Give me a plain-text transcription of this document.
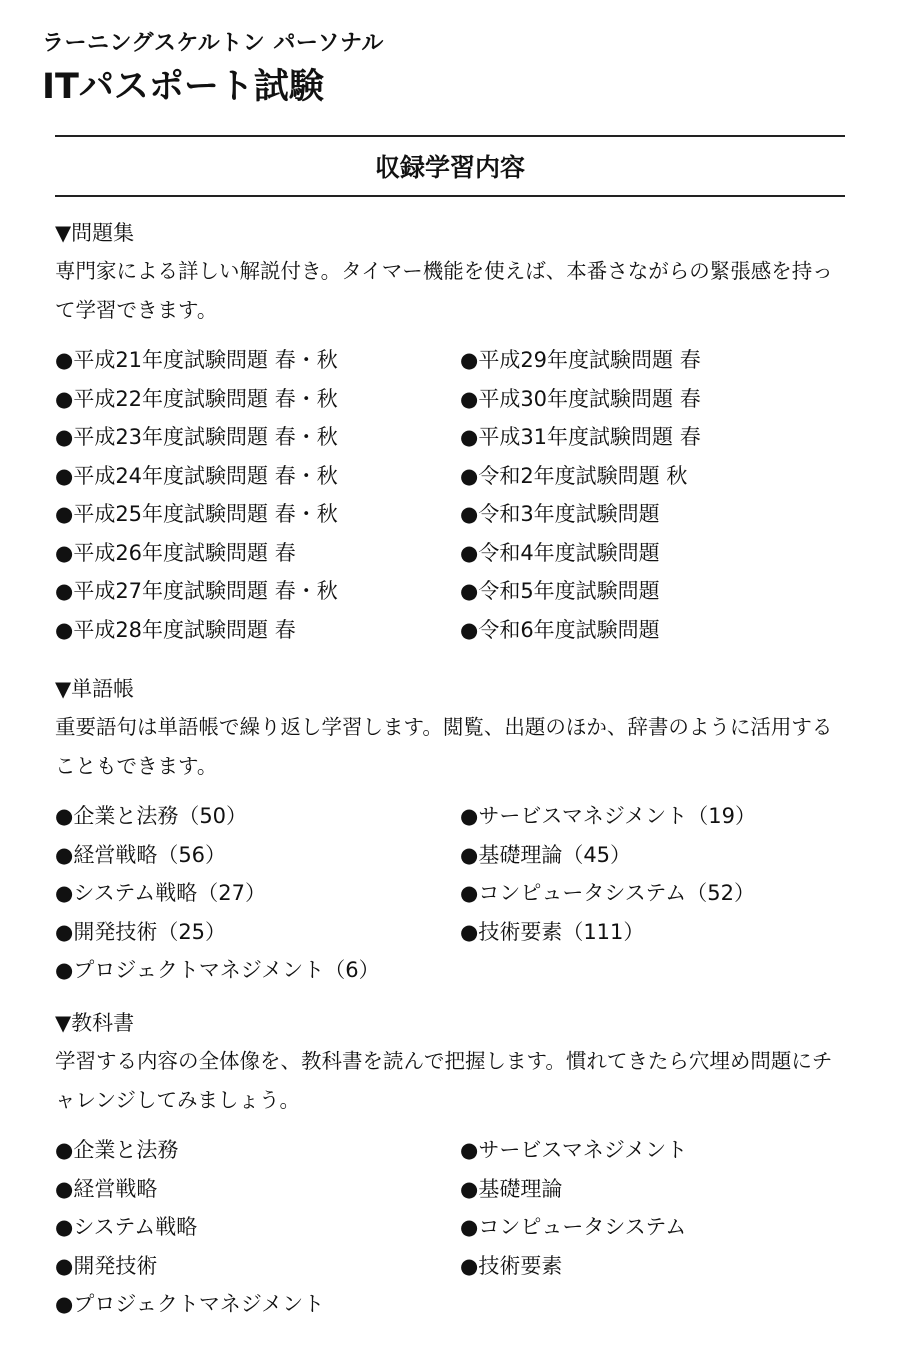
ラーニングスケルトン パーソナル
ITパスポート試験
収録学習内容
▼問題集
専門家による詳しい解説付き。タイマー機能を使えば、本番さながらの緊張感を持って学習できます。
●平成21年度試験問題 春・秋	●平成29年度試験問題 春
●平成22年度試験問題 春・秋	●平成30年度試験問題 春
●平成23年度試験問題 春・秋	●平成31年度試験問題 春
●平成24年度試験問題 春・秋	●令和2年度試験問題 秋
●平成25年度試験問題 春・秋	●令和3年度試験問題
●平成26年度試験問題 春	●令和4年度試験問題
●平成27年度試験問題 春・秋	●令和5年度試験問題
●平成28年度試験問題 春	●令和6年度試験問題
▼単語帳
重要語句は単語帳で繰り返し学習します。閲覧、出題のほか、辞書のように活用することもできます。
●企業と法務（50）	●サービスマネジメント（19）
●経営戦略（56）	●基礎理論（45）
●システム戦略（27）	●コンピュータシステム（52）
●開発技術（25）	●技術要素（111）
●プロジェクトマネジメント（6）
▼教科書
学習する内容の全体像を、教科書を読んで把握します。慣れてきたら穴埋め問題にチャレンジしてみましょう。
●企業と法務	●サービスマネジメント
●経営戦略	●基礎理論
●システム戦略	●コンピュータシステム
●開発技術	●技術要素
●プロジェクトマネジメント
